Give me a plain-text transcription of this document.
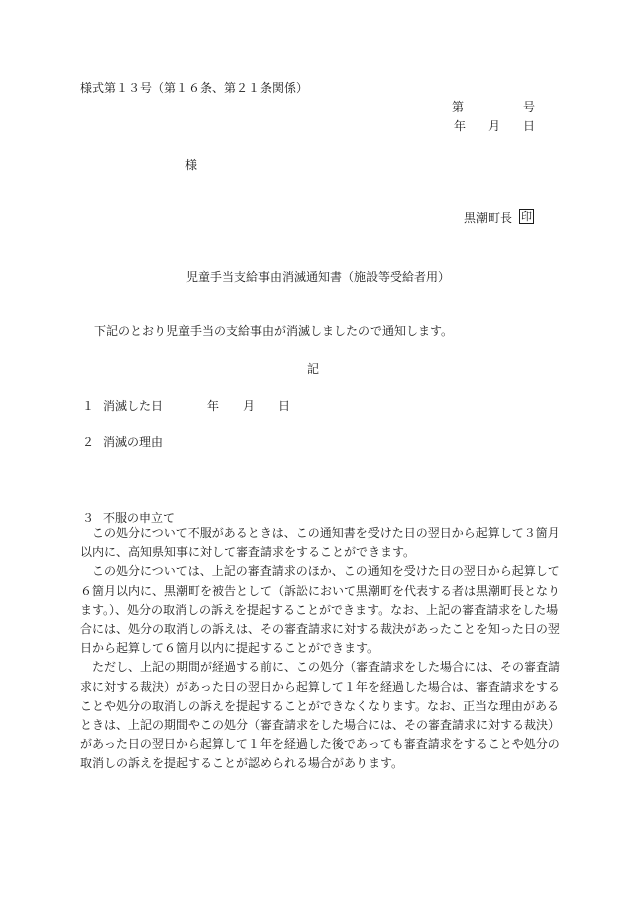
様式第１３号（第１６条、第２１条関係）
第	号
年 月 日
様
黒潮町長 印
児童手当支給事由消滅通知書（施設等受給者用）
下記のとおり児童手当の支給事由が消滅しましたので通知します。
記
１ 消滅した日	年 月 日
２ 消滅の理由
３ 不服の申立て
　この処分について不服があるときは、この通知書を受けた日の翌日から起算して３箇月
以内に、高知県知事に対して審査請求をすることができます。
　この処分については、上記の審査請求のほか、この通知を受けた日の翌日から起算して
６箇月以内に、黒潮町を被告として（訴訟において黒潮町を代表する者は黒潮町長となり
ます。）、処分の取消しの訴えを提起することができます。なお、上記の審査請求をした場
合には、処分の取消しの訴えは、その審査請求に対する裁決があったことを知った日の翌
日から起算して６箇月以内に提起することができます。
　ただし、上記の期間が経過する前に、この処分（審査請求をした場合には、その審査請
求に対する裁決）があった日の翌日から起算して１年を経過した場合は、審査請求をする
ことや処分の取消しの訴えを提起することができなくなります。なお、正当な理由がある
ときは、上記の期間やこの処分（審査請求をした場合には、その審査請求に対する裁決）
があった日の翌日から起算して１年を経過した後であっても審査請求をすることや処分の
取消しの訴えを提起することが認められる場合があります。
